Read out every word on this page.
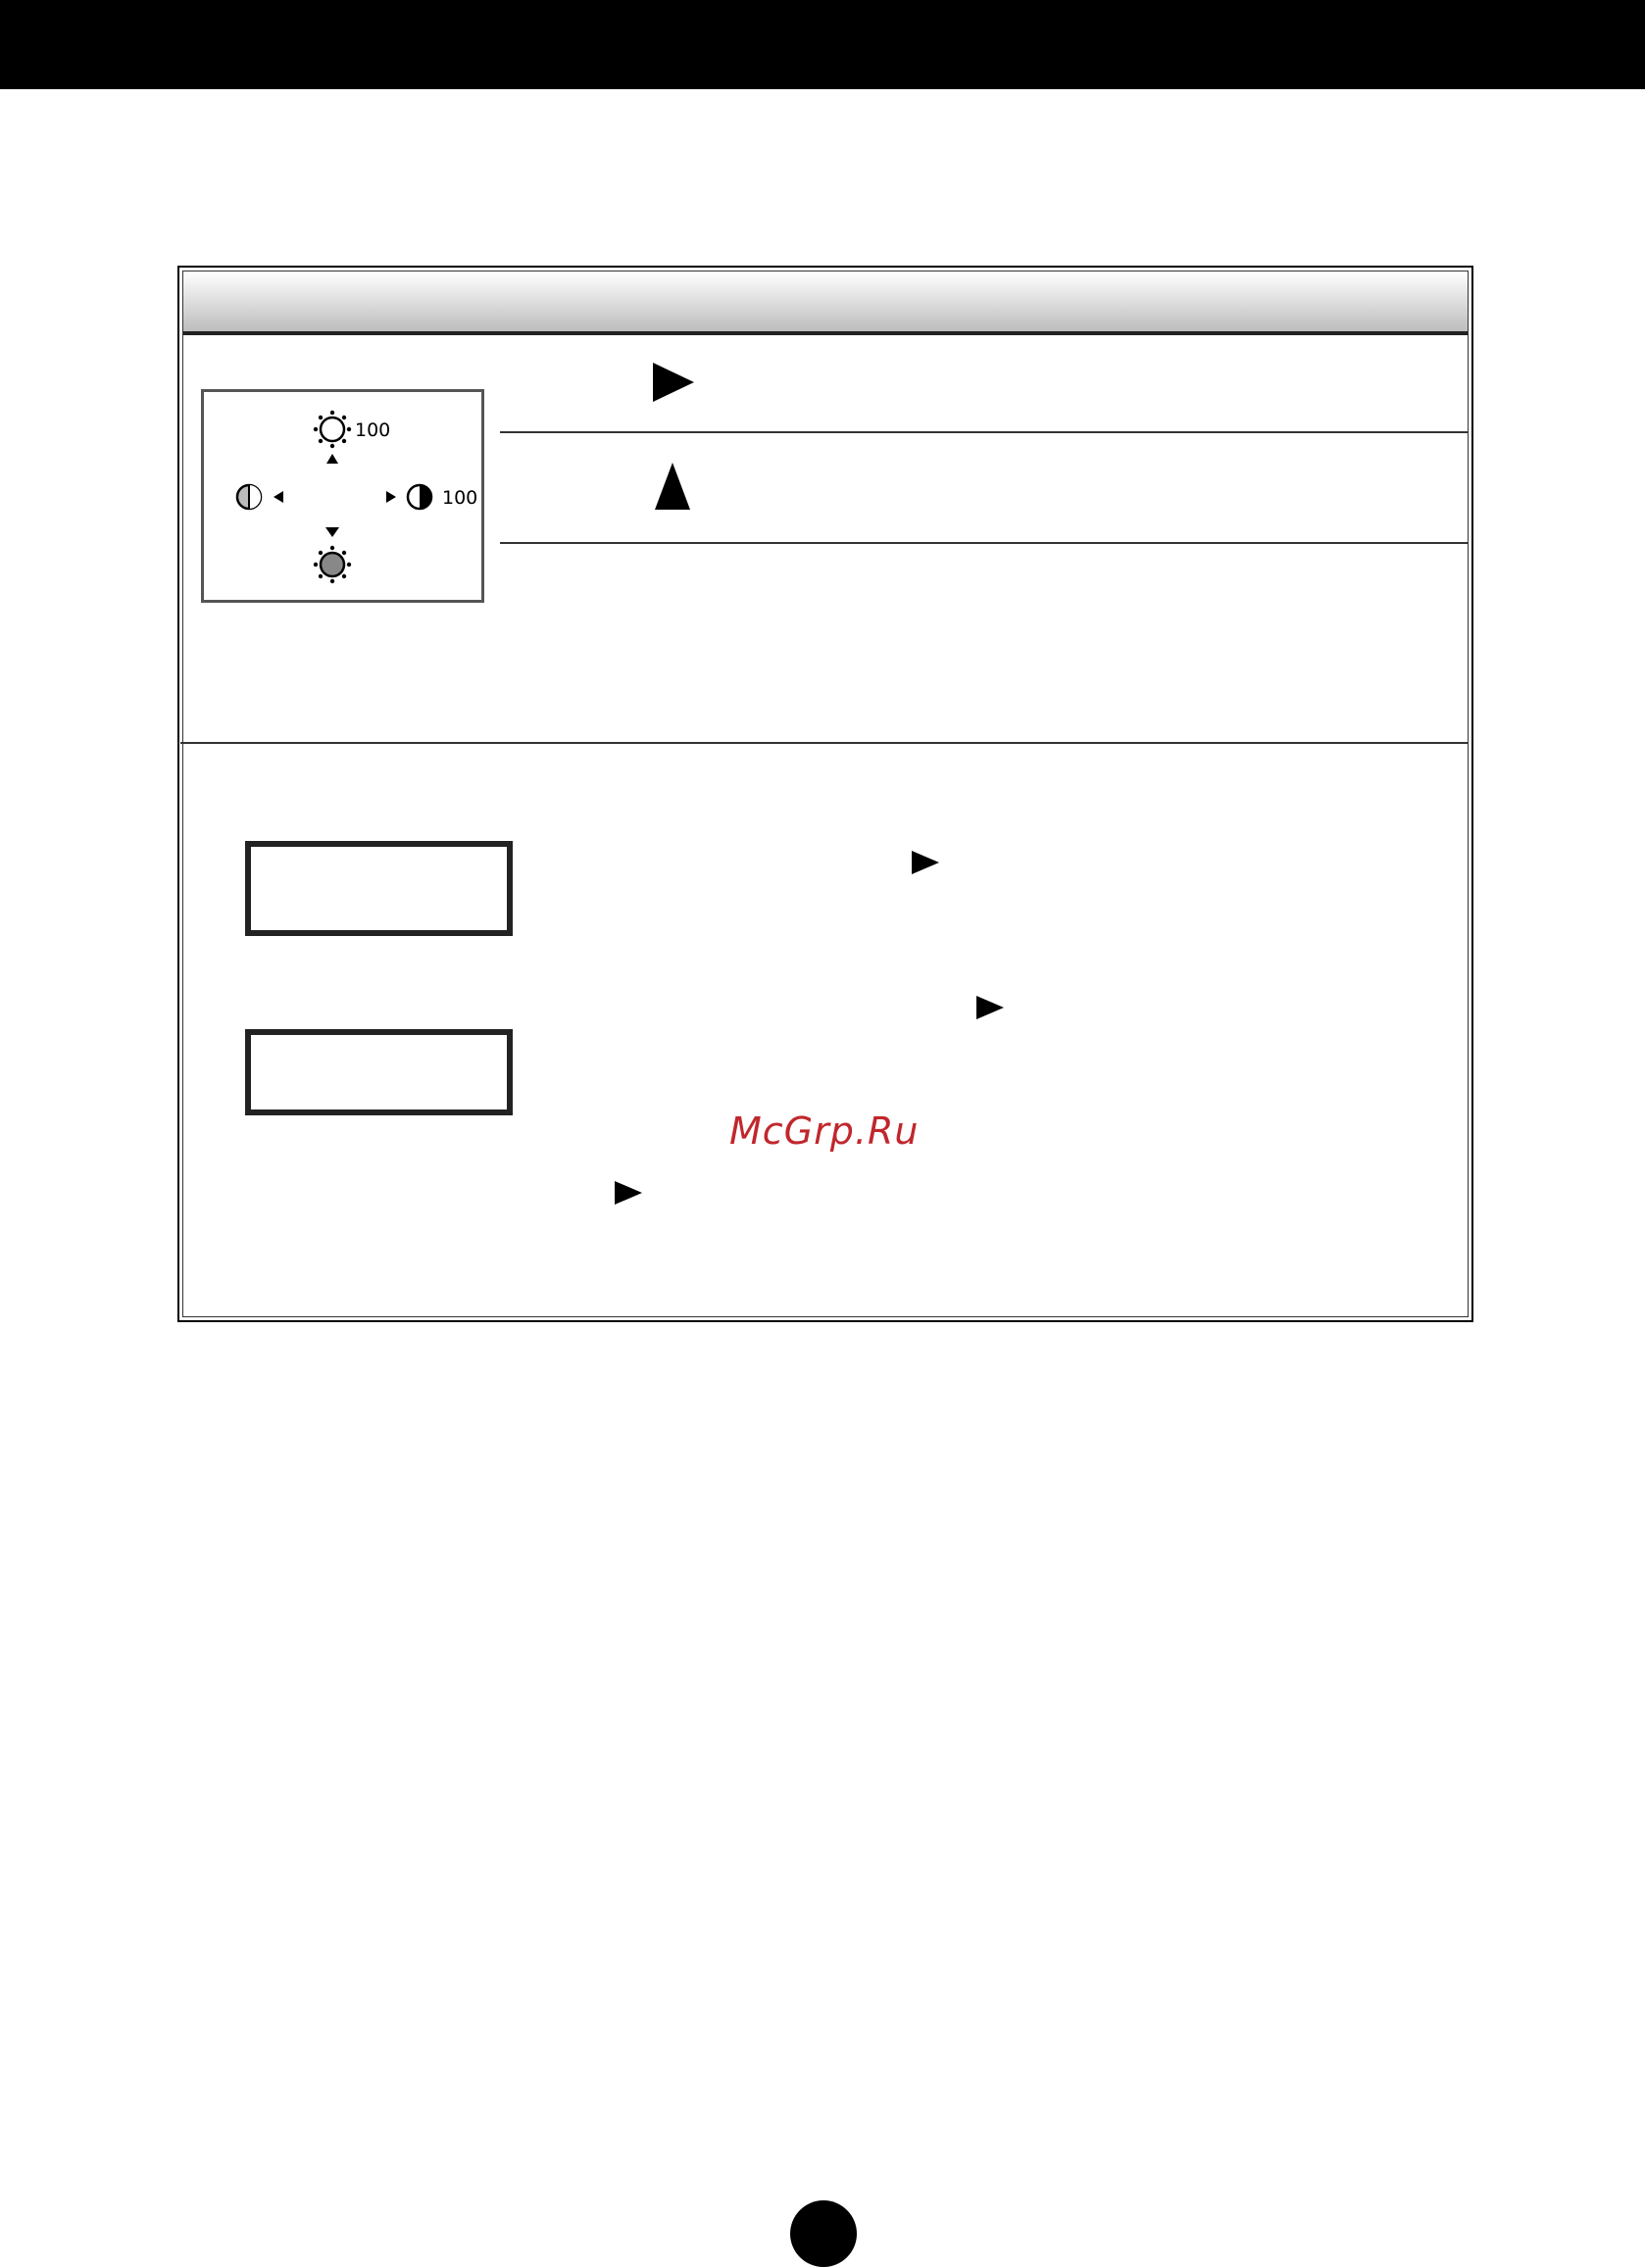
100
100
McGrp.Ru
